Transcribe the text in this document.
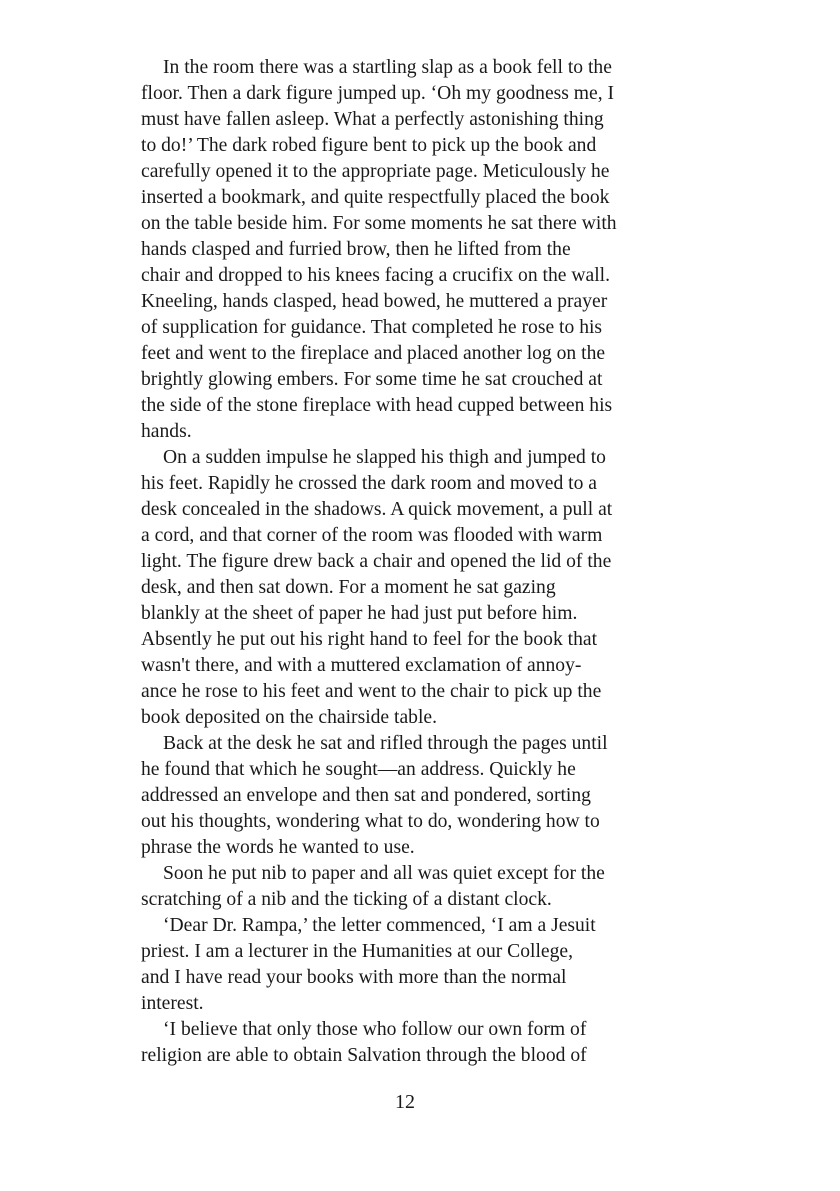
In the room there was a startling slap as a book fell to the
floor. Then a dark figure jumped up. ‘Oh my goodness me, I
must have fallen asleep. What a perfectly astonishing thing
to do!’ The dark robed figure bent to pick up the book and
carefully opened it to the appropriate page. Meticulously he
inserted a bookmark, and quite respectfully placed the book
on the table beside him. For some moments he sat there with
hands clasped and furried brow, then he lifted from the
chair and dropped to his knees facing a crucifix on the wall.
Kneeling, hands clasped, head bowed, he muttered a prayer
of supplication for guidance. That completed he rose to his
feet and went to the fireplace and placed another log on the
brightly glowing embers. For some time he sat crouched at
the side of the stone fireplace with head cupped between his
hands.
On a sudden impulse he slapped his thigh and jumped to
his feet. Rapidly he crossed the dark room and moved to a
desk concealed in the shadows. A quick movement, a pull at
a cord, and that corner of the room was flooded with warm
light. The figure drew back a chair and opened the lid of the
desk, and then sat down. For a moment he sat gazing
blankly at the sheet of paper he had just put before him.
Absently he put out his right hand to feel for the book that
wasn't there, and with a muttered exclamation of annoy-
ance he rose to his feet and went to the chair to pick up the
book deposited on the chairside table.
Back at the desk he sat and rifled through the pages until
he found that which he sought—an address. Quickly he
addressed an envelope and then sat and pondered, sorting
out his thoughts, wondering what to do, wondering how to
phrase the words he wanted to use.
Soon he put nib to paper and all was quiet except for the
scratching of a nib and the ticking of a distant clock.
‘Dear Dr. Rampa,’ the letter commenced, ‘I am a Jesuit
priest. I am a lecturer in the Humanities at our College,
and I have read your books with more than the normal
interest.
‘I believe that only those who follow our own form of
religion are able to obtain Salvation through the blood of
12
